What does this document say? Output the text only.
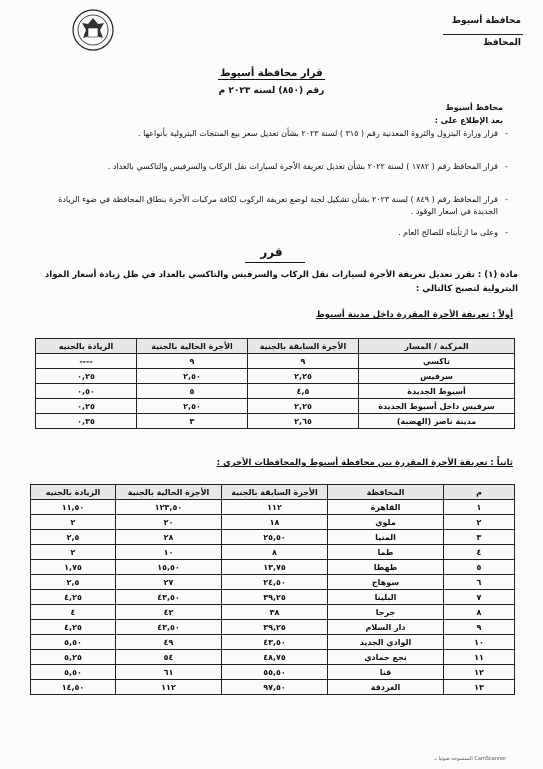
محافظة أسيوط
المحافظ
قرار محافظة أسيوط
رقم (٨٥٠) لسنه ٢٠٢٣ م
محافظ أسيوط
بعد الإطلاع على :
-
قرار وزارة البترول والثروة المعدنية رقم ( ٣١٥ ) لسنة ٢٠٢٣ بشأن تعديل سعر بيع المنتجات البترولية بأنواعها .
-
قرار المحافظ رقم ( ١٧٨٢ ) لسنة ٢٠٢٢ بشأن تعديل تعريفة الأجرة لسيارات نقل الركاب والسرفيس والتاكسي بالعداد .
-
قرار المحافظ رقم ( ٨٤٩ ) لسنة ٢٠٢٣ بشأن تشكيل لجنة لوضع تعريفة الركوب لكافة مركبات الأجرة بنطاق المحافظة في ضوء الزيادة الجديدة في اسعار الوقود .
-
وعلى ما ارتأيناه للصالح العام .
قرر
مادة (١) : تقرر تعديل تعريفة الأجرة لسيارات نقل الركاب والسرفيس والتاكسي بالعداد في ظل زيادة أسعار المواد البترولية لتصبح كالتالي :
أولاً : تعريفة الأجرة المقررة داخل مدينة أسيوط
المركبة / المسار	الأجرة السابقة بالجنية	الأجرة الحالية بالجنية	الزيادة بالجنيه
تاكسي	٩	٩	----
سرفيس	٢,٢٥	٢,٥٠	٠,٢٥
أسيوط الجديدة	٤,٥	٥	٠,٥٠
سرفيس داخل أسيوط الجديدة	٢,٢٥	٢,٥٠	٠,٢٥
مدينة ناصر (الهضبة)	٢,٦٥	٣	٠,٣٥
ثانياً : تعريفة الأجرة المقررة بين محافظة أسيوط والمحافظات الأخرى :
م	المحافظة	الأجرة السابقة بالجنية	الأجرة الحالية بالجنية	الزيادة بالجنيه
١	القاهرة	١١٢	١٢٣,٥٠	١١,٥٠
٢	ملوي	١٨	٢٠	٢
٣	المنيا	٢٥,٥٠	٢٨	٢,٥
٤	طما	٨	١٠	٢
٥	طهطا	١٣,٧٥	١٥,٥٠	١,٧٥
٦	سوهاج	٢٤,٥٠	٢٧	٢,٥
٧	البلينا	٣٩,٢٥	٤٣,٥٠	٤,٢٥
٨	جرجا	٣٨	٤٢	٤
٩	دار السلام	٣٩,٢٥	٤٣,٥٠	٤,٢٥
١٠	الوادي الجديد	٤٣,٥٠	٤٩	٥,٥٠
١١	نجع حمادي	٤٨,٧٥	٥٤	٥,٢٥
١٢	قنا	٥٥,٥٠	٦١	٥,٥٠
١٣	الغردقة	٩٧,٥٠	١١٢	١٤,٥٠
الممسوحة ضوئيا بـ CamScanner
